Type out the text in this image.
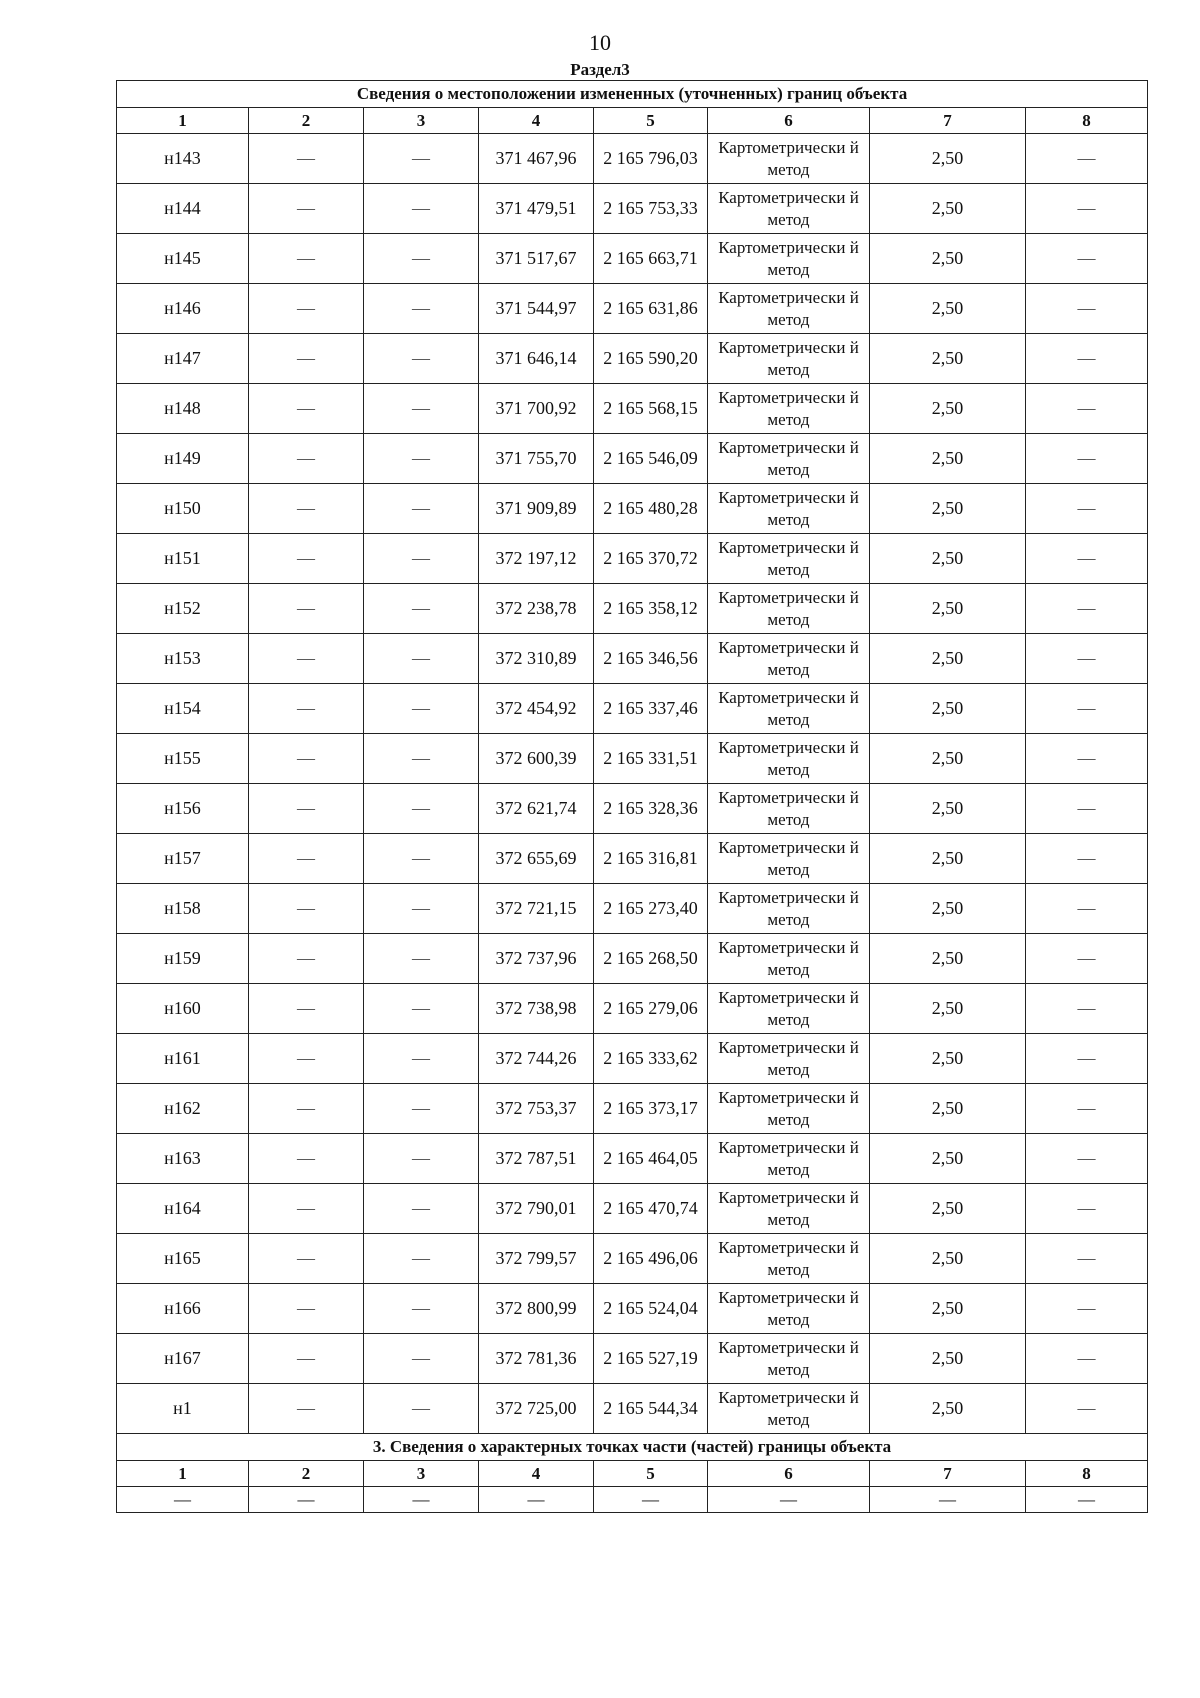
10
Раздел3
Сведения о местоположении измененных (уточненных) границ объекта							
1	2	3	4	5	6	7	8
н143	—	—	371 467,96	2 165 796,03	Картометрически й метод	2,50	—
н144	—	—	371 479,51	2 165 753,33	Картометрически й метод	2,50	—
н145	—	—	371 517,67	2 165 663,71	Картометрически й метод	2,50	—
н146	—	—	371 544,97	2 165 631,86	Картометрически й метод	2,50	—
н147	—	—	371 646,14	2 165 590,20	Картометрически й метод	2,50	—
н148	—	—	371 700,92	2 165 568,15	Картометрически й метод	2,50	—
н149	—	—	371 755,70	2 165 546,09	Картометрически й метод	2,50	—
н150	—	—	371 909,89	2 165 480,28	Картометрически й метод	2,50	—
н151	—	—	372 197,12	2 165 370,72	Картометрически й метод	2,50	—
н152	—	—	372 238,78	2 165 358,12	Картометрически й метод	2,50	—
н153	—	—	372 310,89	2 165 346,56	Картометрически й метод	2,50	—
н154	—	—	372 454,92	2 165 337,46	Картометрически й метод	2,50	—
н155	—	—	372 600,39	2 165 331,51	Картометрически й метод	2,50	—
н156	—	—	372 621,74	2 165 328,36	Картометрически й метод	2,50	—
н157	—	—	372 655,69	2 165 316,81	Картометрически й метод	2,50	—
н158	—	—	372 721,15	2 165 273,40	Картометрически й метод	2,50	—
н159	—	—	372 737,96	2 165 268,50	Картометрически й метод	2,50	—
н160	—	—	372 738,98	2 165 279,06	Картометрически й метод	2,50	—
н161	—	—	372 744,26	2 165 333,62	Картометрически й метод	2,50	—
н162	—	—	372 753,37	2 165 373,17	Картометрически й метод	2,50	—
н163	—	—	372 787,51	2 165 464,05	Картометрически й метод	2,50	—
н164	—	—	372 790,01	2 165 470,74	Картометрически й метод	2,50	—
н165	—	—	372 799,57	2 165 496,06	Картометрически й метод	2,50	—
н166	—	—	372 800,99	2 165 524,04	Картометрически й метод	2,50	—
н167	—	—	372 781,36	2 165 527,19	Картометрически й метод	2,50	—
н1	—	—	372 725,00	2 165 544,34	Картометрически й метод	2,50	—
3. Сведения о характерных точках части (частей) границы объекта							
1	2	3	4	5	6	7	8
—	—	—	—	—	—	—	—
